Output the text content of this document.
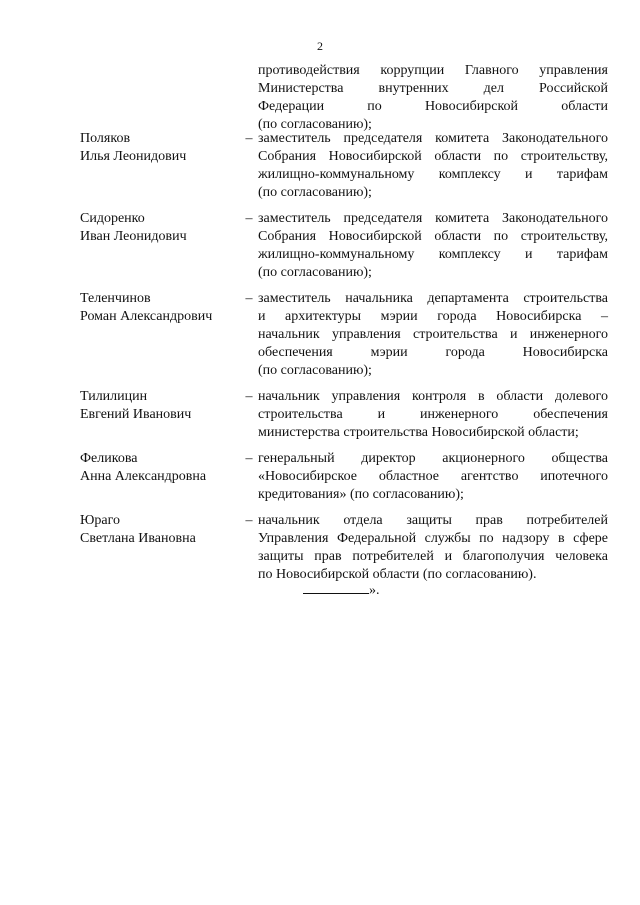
2
противодействия коррупции Главного управления
Министерства внутренних дел Российской
Федерации по Новосибирской области
(по согласованию);
Поляков
Илья Леонидович
– заместитель председателя комитета Законодательного
Собрания Новосибирской области по строительству,
жилищно-коммунальному комплексу и тарифам
(по согласованию);
Сидоренко
Иван Леонидович
– заместитель председателя комитета Законодательного
Собрания Новосибирской области по строительству,
жилищно-коммунальному комплексу и тарифам
(по согласованию);
Теленчинов
Роман Александрович
– заместитель начальника департамента строительства
и архитектуры мэрии города Новосибирска –
начальник управления строительства и инженерного
обеспечения мэрии города Новосибирска
(по согласованию);
Тилилицин
Евгений Иванович
– начальник управления контроля в области долевого
строительства и инженерного обеспечения
министерства строительства Новосибирской области;
Феликова
Анна Александровна
– генеральный директор акционерного общества
«Новосибирское областное агентство ипотечного
кредитования» (по согласованию);
Юраго
Светлана Ивановна
– начальник отдела защиты прав потребителей
Управления Федеральной службы по надзору в сфере
защиты прав потребителей и благополучия человека
по Новосибирской области (по согласованию).
».
